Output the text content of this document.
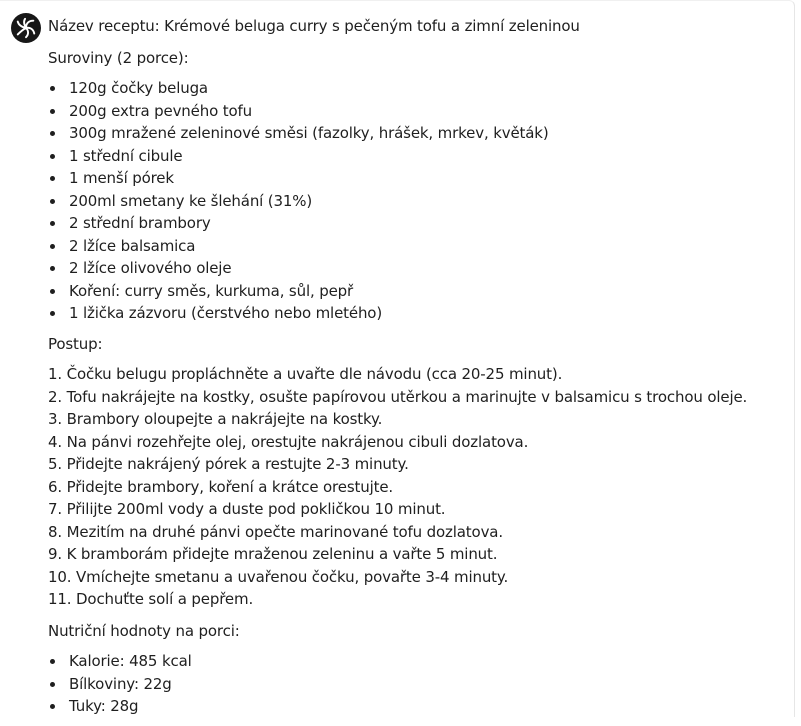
Název receptu: Krémové beluga curry s pečeným tofu a zimní zeleninou
Suroviny (2 porce):
120g čočky beluga
200g extra pevného tofu
300g mražené zeleninové směsi (fazolky, hrášek, mrkev, květák)
1 střední cibule
1 menší pórek
200ml smetany ke šlehání (31%)
2 střední brambory
2 lžíce balsamica
2 lžíce olivového oleje
Koření: curry směs, kurkuma, sůl, pepř
1 lžička zázvoru (čerstvého nebo mletého)
Postup:
1. Čočku belugu propláchněte a uvařte dle návodu (cca 20-25 minut).
2. Tofu nakrájejte na kostky, osušte papírovou utěrkou a marinujte v balsamicu s trochou oleje.
3. Brambory oloupejte a nakrájejte na kostky.
4. Na pánvi rozehřejte olej, orestujte nakrájenou cibuli dozlatova.
5. Přidejte nakrájený pórek a restujte 2-3 minuty.
6. Přidejte brambory, koření a krátce orestujte.
7. Přilijte 200ml vody a duste pod pokličkou 10 minut.
8. Mezitím na druhé pánvi opečte marinované tofu dozlatova.
9. K bramborám přidejte mraženou zeleninu a vařte 5 minut.
10. Vmíchejte smetanu a uvařenou čočku, povařte 3-4 minuty.
11. Dochuťte solí a pepřem.
Nutriční hodnoty na porci:
Kalorie: 485 kcal
Bílkoviny: 22g
Tuky: 28g
